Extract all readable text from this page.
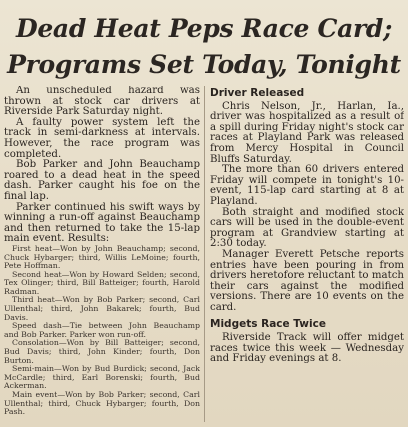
Dead Heat Peps Race Card;
Programs Set Today, Tonight

An unscheduled hazard was thrown at stock car drivers at Riverside Park Saturday night.

A faulty power system left the track in semi-darkness at intervals. However, the race program was completed.

Bob Parker and John Beauchamp roared to a dead heat in the speed dash. Parker caught his foe on the final lap.

Parker continued his swift ways by winning a run-off against Beauchamp and then returned to take the 15-lap main event. Results:

First heat—Won by John Beauchamp; second, Chuck Hybarger; third, Willis LeMoine; fourth, Pete Hoffman.

Second heat—Won by Howard Selden; second, Tex Olinger; third, Bill Batteiger; fourth, Harold Radman.

Third heat—Won by Bob Parker; second, Carl Ullenthal; third, John Bakarek; fourth, Bud Davis.

Speed dash—Tie between John Beauchamp and Bob Parker. Parker won run-off.

Consolation—Won by Bill Batteiger; second, Bud Davis; third, John Kinder; fourth, Don Burton.

Semi-main—Won by Bud Burdick; second, Jack McCardle; third, Earl Borenski; fourth, Bud Ackerman.

Main event—Won by Bob Parker; second, Carl Ullenthal; third, Chuck Hybarger; fourth, Don Pash.

Driver Released

Chris Nelson, Jr., Harlan, Ia., driver was hospitalized as a result of a spill during Friday night's stock car races at Playland Park was released from Mercy Hospital in Council Bluffs Saturday.

The more than 60 drivers entered Friday will compete in tonight's 10-event, 115-lap card starting at 8 at Playland.

Both straight and modified stock cars will be used in the double-event program at Grandview starting at 2:30 today.

Manager Everett Petsche reports entries have been pouring in from drivers heretofore reluctant to match their cars against the modified versions. There are 10 events on the card.

Midgets Race Twice

Riverside Track will offer midget races twice this week — Wednesday and Friday evenings at 8.
